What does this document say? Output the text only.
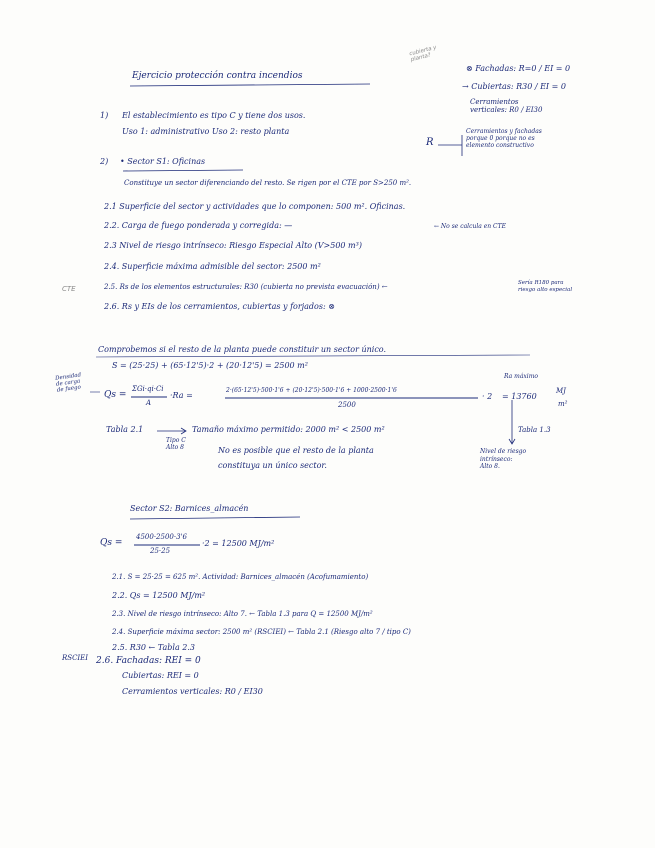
Ejercicio protección contra incendios
cubierta y
planta?
⊗ Fachadas: R=0 / EI = 0
→ Cubiertas: R30 / EI = 0
Cerramientos
verticales: R0 / EI30
R
Cerramientos y fachadas
porque 0 porque no es
elemento constructivo
1) El establecimiento es tipo C y tiene dos usos.
Uso 1: administrativo Uso 2: resto planta
2) • Sector S1: Oficinas
Constituye un sector diferenciando del resto. Se rigen por el CTE por S>250 m².
2.1 Superficie del sector y actividades que lo componen: 500 m². Oficinas.
2.2. Carga de fuego ponderada y corregida: —	← No se calcula en CTE
2.3 Nivel de riesgo intrínseco: Riesgo Especial Alto (V>500 m³)
2.4. Superficie máxima admisible del sector: 2500 m²
CTE	2.5. Rs de los elementos estructurales: R30 (cubierta no prevista evacuación) ←	Sería R180 para
riesgo alto especial
2.6. Rs y EIs de los cerramientos, cubiertas y forjados: ⊗
Comprobemos si el resto de la planta puede constituir un sector único.
S = (25·25) + (65·12'5)·2 + (20·12'5) = 2500 m²
Densidad
de carga
de fuego
Ra máximo
Qs =
ΣGi·qi·Ci
A
·Ra =
2·(65·12'5)·500·1'6 + (20·12'5)·500·1'6 + 1000·2500·1'6
2500
· 2 = 13760
MJ
m²
Tabla 2.1
Tipo C
Alto 8
Tamaño máximo permitido: 2000 m² < 2500 m²
No es posible que el resto de la planta
constituya un único sector.
Tabla 1.3
Nivel de riesgo
intrínseco:
Alto 8.
Sector S2: Barnices_almacén
Qs =
4500·2500·3'6
25·25
·2 = 12500 MJ/m²
2.1. S = 25·25 = 625 m². Actividad: Barnices_almacén (Acofumamiento)
2.2. Qs = 12500 MJ/m²
2.3. Nivel de riesgo intrínseco: Alto 7. ← Tabla 1.3 para Q = 12500 MJ/m²
2.4. Superficie máxima sector: 2500 m² (RSCIEI) ← Tabla 2.1 (Riesgo alto 7 / tipo C)
2.5. R30 ← Tabla 2.3
RSCIEI 2.6. Fachadas: REI = 0
Cubiertas: REI = 0
Cerramientos verticales: R0 / EI30
